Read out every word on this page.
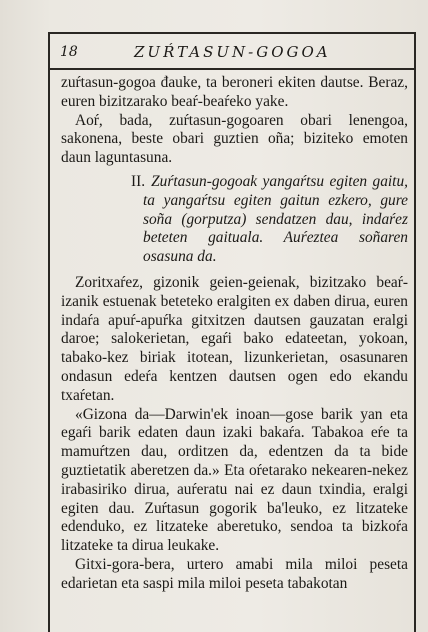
18	ZUŔTASUN-GOGOA

zuŕtasun-gogoa đauke, ta beroneri ekiten dautse. Beraz, euren bizitzarako beaŕ-beaŕeko yake.

Aoŕ, bada, zuŕtasun-gogoaren obari lenengoa, sakonena, beste obari guztien oña; biziteko emoten daun laguntasuna.

II. Zuŕtasun-gogoak yangaŕtsu egiten gaitu, ta yangaŕtsu egiten gaitun ezkero, gure soña (gorputza) sendatzen dau, indaŕez beteten gaituala. Auŕeztea soñaren osasuna da.

Zoritxaŕez, gizonik geien-geienak, bizitzako beaŕ-izanik estuenak beteteko eralgiten ex daben dirua, euren indaŕa apuŕ-apuŕka gitxitzen dautsen gauzatan eralgi daroe; salokerietan, egaŕi bako edateetan, yokoan, tabako-kez biriak itotean, lizunkerietan, osasunaren ondasun edeŕa kentzen dautsen ogen edo ekandu txaŕetan.

«Gizona da—Darwin'ek inoan—gose barik yan eta egaŕi barik edaten daun izaki bakaŕa. Tabakoa eŕe ta mamuŕtzen dau, orditzen da, edentzen da ta bide guztietatik aberetzen da.» Eta oŕetarako nekearen-nekez irabasiriko dirua, auŕeratu nai ez daun txindia, eralgi egiten dau. Zuŕtasun gogorik ba'leuko, ez litzateke edenduko, ez litzateke aberetuko, sendoa ta bizkoŕa litzateke ta dirua leukake.

Gitxi-gora-bera, urtero amabi mila miloi peseta edarietan eta saspi mila miloi peseta tabakotan
